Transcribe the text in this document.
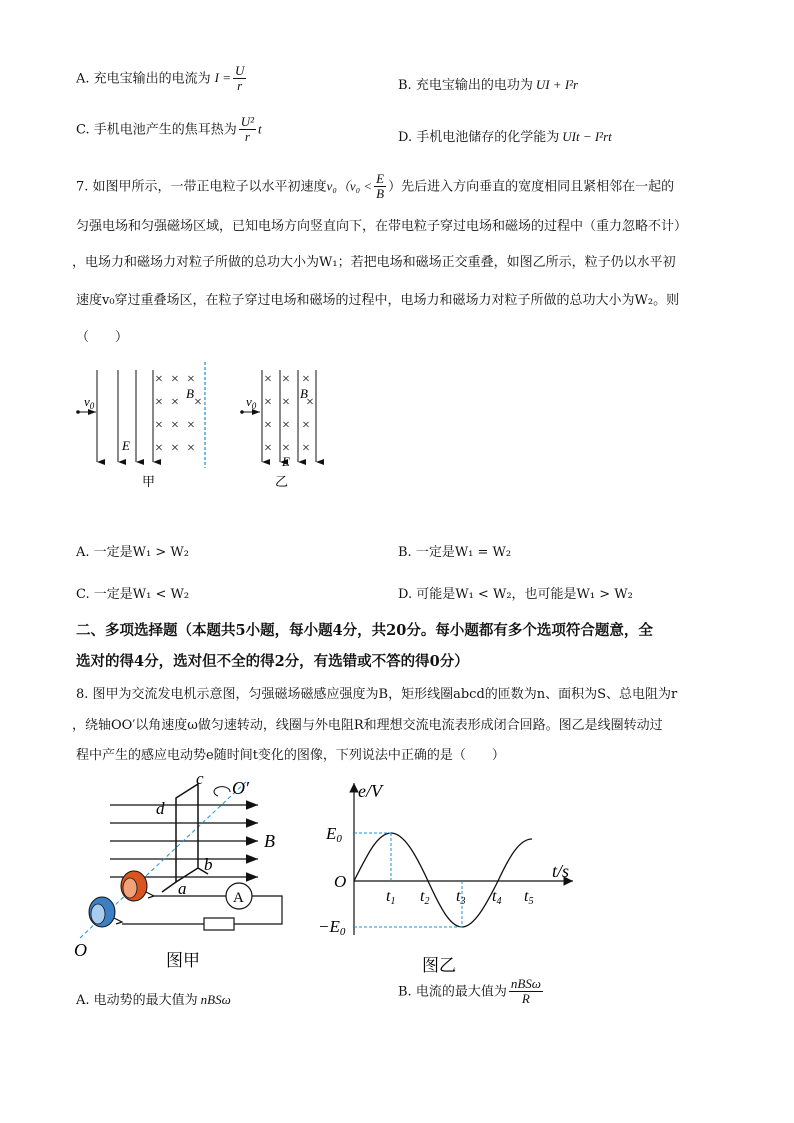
A. 充电宝输出的电流为 $I = \frac{U}{r}$	B. 充电宝输出的电功为 UI + I²r
C. 手机电池产生的焦耳热为 $\frac{\text{U²}}{r}$ t
D. 手机电池储存的化学能为 UIt − I²rt
7. 如图甲所示，一带正电粒子以水平初速度$v_0(v_0 < \frac{E}{B}$ ）先后进入方向垂直的宽度相同且紧相邻在一起的
匀强电场和匀强磁场区域，已知电场方向竖直向下，在带电粒子穿过电场和磁场的过程中（重力忽略不计）
，电场力和磁场力对粒子所做的总功大小为W₁；若把电场和磁场正交重叠，如图乙所示，粒子仍以水平初
速度v₀穿过重叠场区，在粒子穿过电场和磁场的过程中，电场力和磁场力对粒子所做的总功大小为W₂。则
（　　）
$v_0$
E
B
× × ×
× × ×
× × ×
× × ×
甲
$v_0$
× × ×
× × ×
× × ×
× × ×
B
E
乙
A. 一定是W₁ > W₂	B. 一定是W₁ = W₂
C. 一定是W₁ < W₂	D. 可能是W₁ < W₂，也可能是W₁ > W₂
二、多项选择题（本题共5小题，每小题4分，共20分。每小题都有多个选项符合题意，全
选对的得4分，选对但不全的得2分，有选错或不答的得0分）
8. 图甲为交流发电机示意图，匀强磁场磁感应强度为B，矩形线圈abcd的匝数为n、面积为S、总电阻为r
，绕轴OO′以角速度ω做匀速转动，线圈与外电阻R和理想交流电流表形成闭合回路。图乙是线圈转动过
程中产生的感应电动势e随时间t变化的图像，下列说法中正确的是（　　）
c
d
b
a
B
O′
O
A
图甲
e/V
t/s
O
E0
−E0
t1 t2 t3 t4 t5
图乙
A. 电动势的最大值为 nBSω
B. 电流的最大值为 $\frac{\text{nBSω}}{R}$
